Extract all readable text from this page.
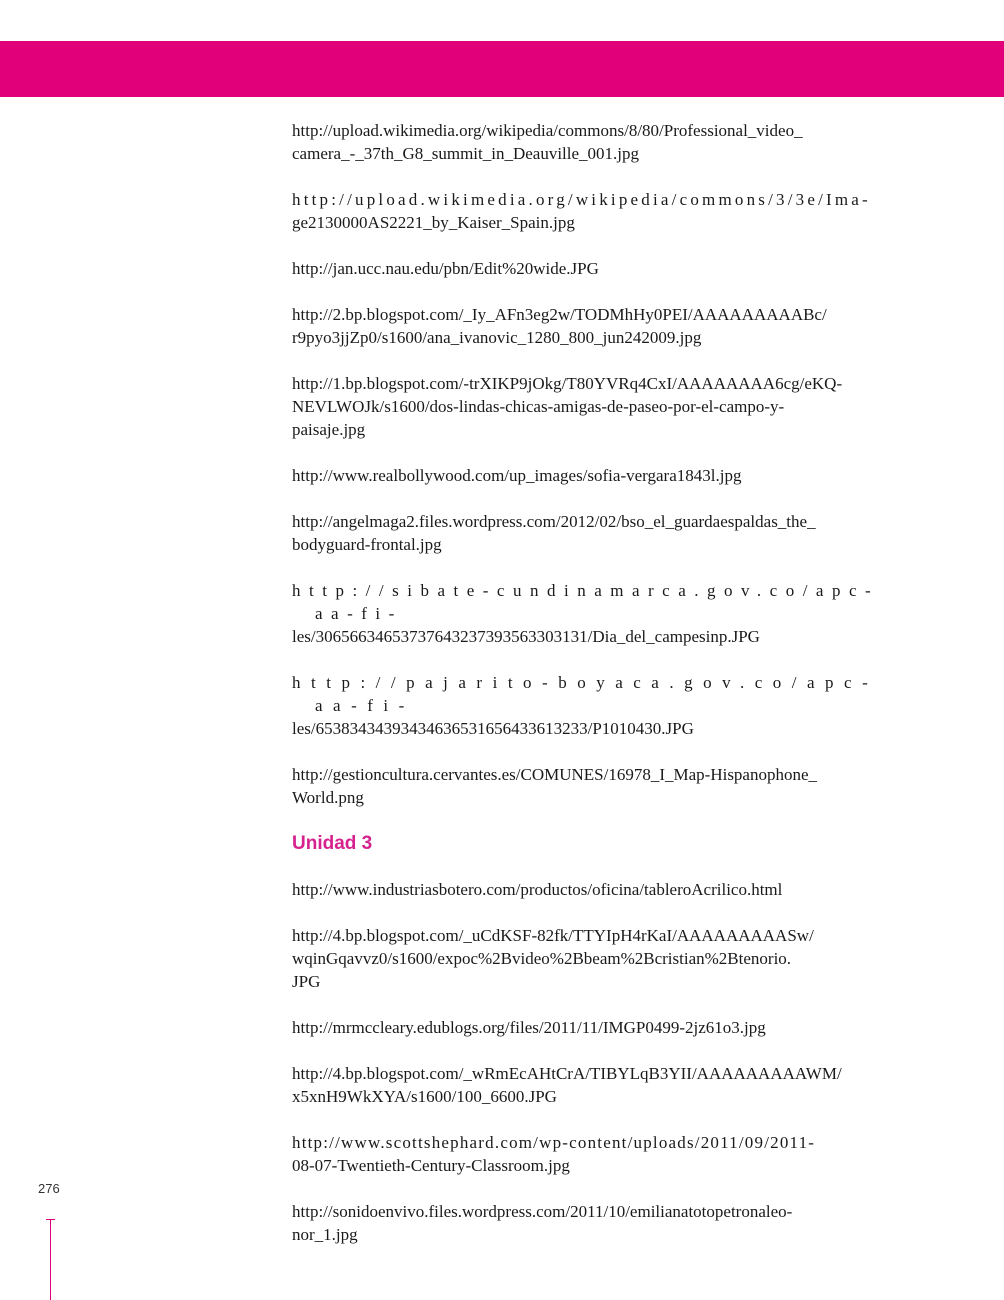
http://upload.wikimedia.org/wikipedia/commons/8/80/Professional_video_
camera_-_37th_G8_summit_in_Deauville_001.jpg

http://upload.wikimedia.org/wikipedia/commons/3/3e/Ima-
ge2130000AS2221_by_Kaiser_Spain.jpg

http://jan.ucc.nau.edu/pbn/Edit%20wide.JPG

http://2.bp.blogspot.com/_Iy_AFn3eg2w/TODMhHy0PEI/AAAAAAAAABc/
r9pyo3jjZp0/s1600/ana_ivanovic_1280_800_jun242009.jpg

http://1.bp.blogspot.com/-trXIKP9jOkg/T80YVRq4CxI/AAAAAAAA6cg/eKQ-
NEVLWOJk/s1600/dos-lindas-chicas-amigas-de-paseo-por-el-campo-y-
paisaje.jpg

http://www.realbollywood.com/up_images/sofia-vergara1843l.jpg

http://angelmaga2.files.wordpress.com/2012/02/bso_el_guardaespaldas_the_
bodyguard-frontal.jpg

http://sibate-cundinamarca.gov.co/apc-aa-fi-
les/30656634653737643237393563303131/Dia_del_campesinp.JPG

http://pajarito-boyaca.gov.co/apc-aa-fi-
les/65383434393434636531656433613233/P1010430.JPG

http://gestioncultura.cervantes.es/COMUNES/16978_I_Map-Hispanophone_
World.png

Unidad 3

http://www.industriasbotero.com/productos/oficina/tableroAcrilico.html

http://4.bp.blogspot.com/_uCdKSF-82fk/TTYIpH4rKaI/AAAAAAAAASw/
wqinGqavvz0/s1600/expoc%2Bvideo%2Bbeam%2Bcristian%2Btenorio.
JPG

http://mrmccleary.edublogs.org/files/2011/11/IMGP0499-2jz61o3.jpg

http://4.bp.blogspot.com/_wRmEcAHtCrA/TIBYLqB3YII/AAAAAAAAAWM/
x5xnH9WkXYA/s1600/100_6600.JPG

http://www.scottshephard.com/wp-content/uploads/2011/09/2011-
08-07-Twentieth-Century-Classroom.jpg

http://sonidoenvivo.files.wordpress.com/2011/10/emilianatotopetronaleo-
nor_1.jpg

276
